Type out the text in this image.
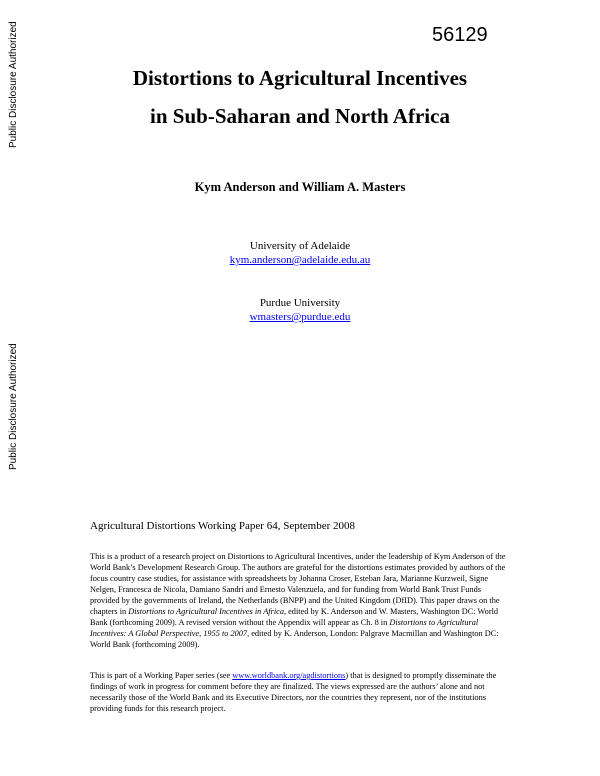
Public Disclosure Authorized
Public Disclosure Authorized
56129
Distortions to Agricultural Incentives
in Sub-Saharan and North Africa
Kym Anderson and William A. Masters
University of Adelaide
kym.anderson@adelaide.edu.au
Purdue University
wmasters@purdue.edu
Agricultural Distortions Working Paper 64, September 2008
This is a product of a research project on Distortions to Agricultural Incentives, under the leadership of Kym Anderson of the World Bank’s Development Research Group. The authors are grateful for the distortions estimates provided by authors of the focus country case studies, for assistance with spreadsheets by Johanna Croser, Esteban Jara, Marianne Kurzweil, Signe Nelgen, Francesca de Nicola, Damiano Sandri and Ernesto Valenzuela, and for funding from World Bank Trust Funds provided by the governments of Ireland, the Netherlands (BNPP) and the United Kingdom (DfID). This paper draws on the chapters in Distortions to Agricultural Incentives in Africa, edited by K. Anderson and W. Masters, Washington DC: World Bank (forthcoming 2009). A revised version without the Appendix will appear as Ch. 8 in Distortions to Agricultural Incentives: A Global Perspective, 1955 to 2007, edited by K. Anderson, London: Palgrave Macmillan and Washington DC: World Bank (forthcoming 2009).
This is part of a Working Paper series (see www.worldbank.org/agdistortions) that is designed to promptly disseminate the findings of work in progress for comment before they are finalized. The views expressed are the authors’ alone and not necessarily those of the World Bank and its Executive Directors, nor the countries they represent, nor of the institutions providing funds for this research project.
